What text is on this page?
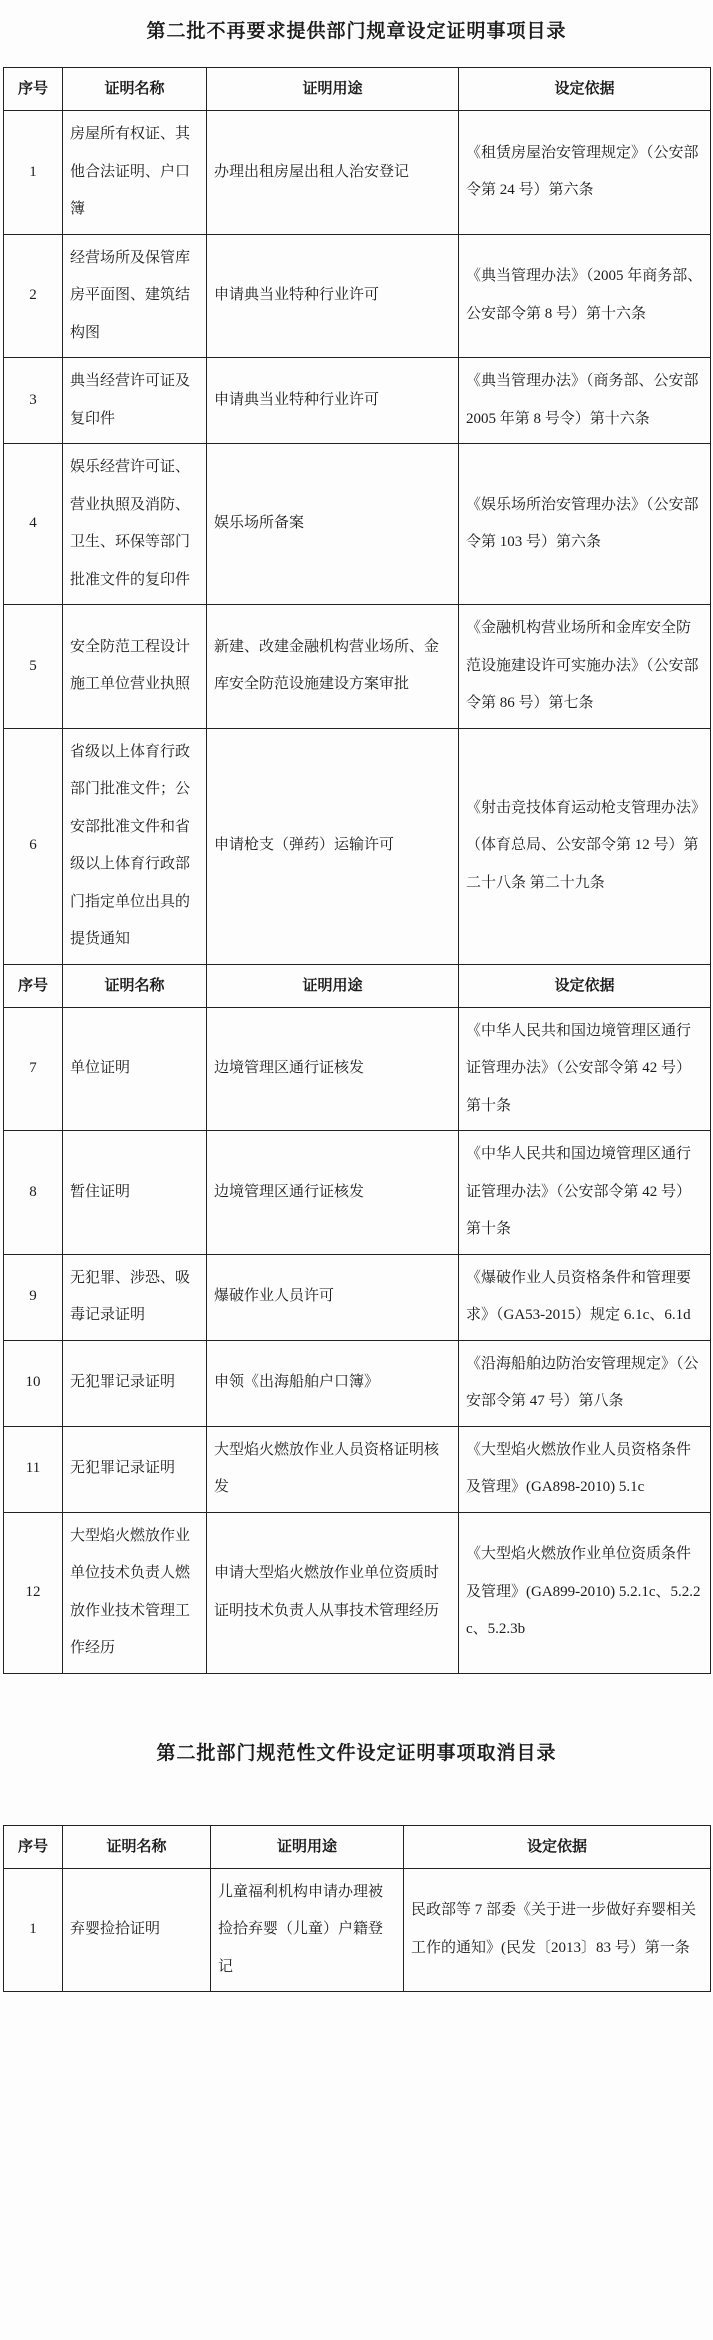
第二批不再要求提供部门规章设定证明事项目录
序号	证明名称	证明用途	设定依据
1	房屋所有权证、其他合法证明、户口簿	办理出租房屋出租人治安登记	《租赁房屋治安管理规定》（公安部令第 24 号）第六条
2	经营场所及保管库房平面图、建筑结构图	申请典当业特种行业许可	《典当管理办法》（2005 年商务部、公安部令第 8 号）第十六条
3	典当经营许可证及复印件	申请典当业特种行业许可	《典当管理办法》（商务部、公安部 2005 年第 8 号令）第十六条
4	娱乐经营许可证、营业执照及消防、卫生、环保等部门批准文件的复印件	娱乐场所备案	《娱乐场所治安管理办法》（公安部令第 103 号）第六条
5	安全防范工程设计施工单位营业执照	新建、改建金融机构营业场所、金库安全防范设施建设方案审批	《金融机构营业场所和金库安全防范设施建设许可实施办法》（公安部令第 86 号）第七条
6	省级以上体育行政部门批准文件；公安部批准文件和省级以上体育行政部门指定单位出具的提货通知	申请枪支（弹药）运输许可	《射击竞技体育运动枪支管理办法》（体育总局、公安部令第 12 号）第二十八条 第二十九条
序号	证明名称	证明用途	设定依据
7	单位证明	边境管理区通行证核发	《中华人民共和国边境管理区通行证管理办法》（公安部令第 42 号）第十条
8	暂住证明	边境管理区通行证核发	《中华人民共和国边境管理区通行证管理办法》（公安部令第 42 号）第十条
9	无犯罪、涉恐、吸毒记录证明	爆破作业人员许可	《爆破作业人员资格条件和管理要求》（GA53-2015）规定 6.1c、6.1d
10	无犯罪记录证明	申领《出海船舶户口簿》	《沿海船舶边防治安管理规定》（公安部令第 47 号）第八条
11	无犯罪记录证明	大型焰火燃放作业人员资格证明核发	《大型焰火燃放作业人员资格条件及管理》(GA898-2010) 5.1c
12	大型焰火燃放作业单位技术负责人燃放作业技术管理工作经历	申请大型焰火燃放作业单位资质时证明技术负责人从事技术管理经历	《大型焰火燃放作业单位资质条件及管理》(GA899-2010) 5.2.1c、5.2.2c、5.2.3b
第二批部门规范性文件设定证明事项取消目录
序号	证明名称	证明用途	设定依据
1	弃婴捡拾证明	儿童福利机构申请办理被捡拾弃婴（儿童）户籍登记	民政部等 7 部委《关于进一步做好弃婴相关工作的通知》(民发〔2013〕83 号）第一条
